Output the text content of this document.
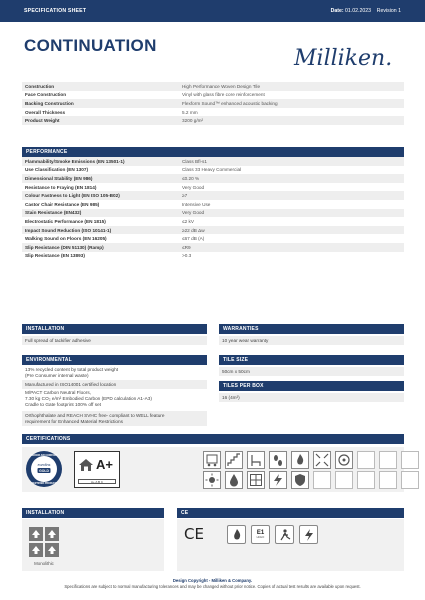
SPECIFICATION SHEET	Date: 01.02.2023 Revision 1
CONTINUATION
Milliken.
Construction	High Performance Woven Design Tile
Face Construction	Vinyl with glass fibre core reinforcement
Backing Construction	Flexform Sound™ enhanced acoustic backing
Overall Thickness	5.2 mm
Product Weight	3200 g/m²
PERFORMANCE
Flammability/Smoke Emissions (EN 13501-1)	Class Bfl-s1
Use Classification (EN 1307)	Class 33 Heavy Commercial
Dimensional Stability (EN 986)	≤0.20 %
Resistance to Fraying (EN 1814)	Very Good
Colour Fastness to Light (EN ISO 105-B02)	≥7
Castor Chair Resistance (EN 985)	Intensive Use
Stain Resistance (EN432)	Very Good
Electrostatic Performance (EN 1815)	≤2 kV
Impact Sound Reduction (ISO 10141-1)	≥22 dB Δw
Walking Sound on Floors (EN 16205)	≤67 dB (A)
Slip Resistance (DIN 51130) (Ramp)	≤R9
Slip Resistance (EN 13893)	>0.3
INSTALLATION
Full spread of tackifier adhesive
WARRANTIES
10 year wear warranty
ENVIRONMENTAL
13% recycled content by total product weight
(Pre Consumer internal waste)
Manufactured in ISO14001 certified location
M/PACT Carbon Neutral Floors,
7.30 kg CO₂ e/m² Embodied Carbon (EPD calculation A1-A3)
Cradle to Gate footprint 100% off set
Orthophthalate and REACH SVHC free- compliant to WELL feature
requirement for Enhanced Material Restrictions
TILE SIZE
50cm x 50cm
TILES PER BOX
16 (4m²)
CERTIFICATIONS
eurofins
GOLD
INDOOR AIR COMFORT
CERTIFIED PRODUCT
A+
A+ A B C
INSTALLATION
Monolithic
CE
CE	E1
HCHO
Design Copyright - Milliken & Company.
Specifications are subject to normal manufacturing tolerances and may be changed without prior notice. Copies of actual test results are available upon request.
